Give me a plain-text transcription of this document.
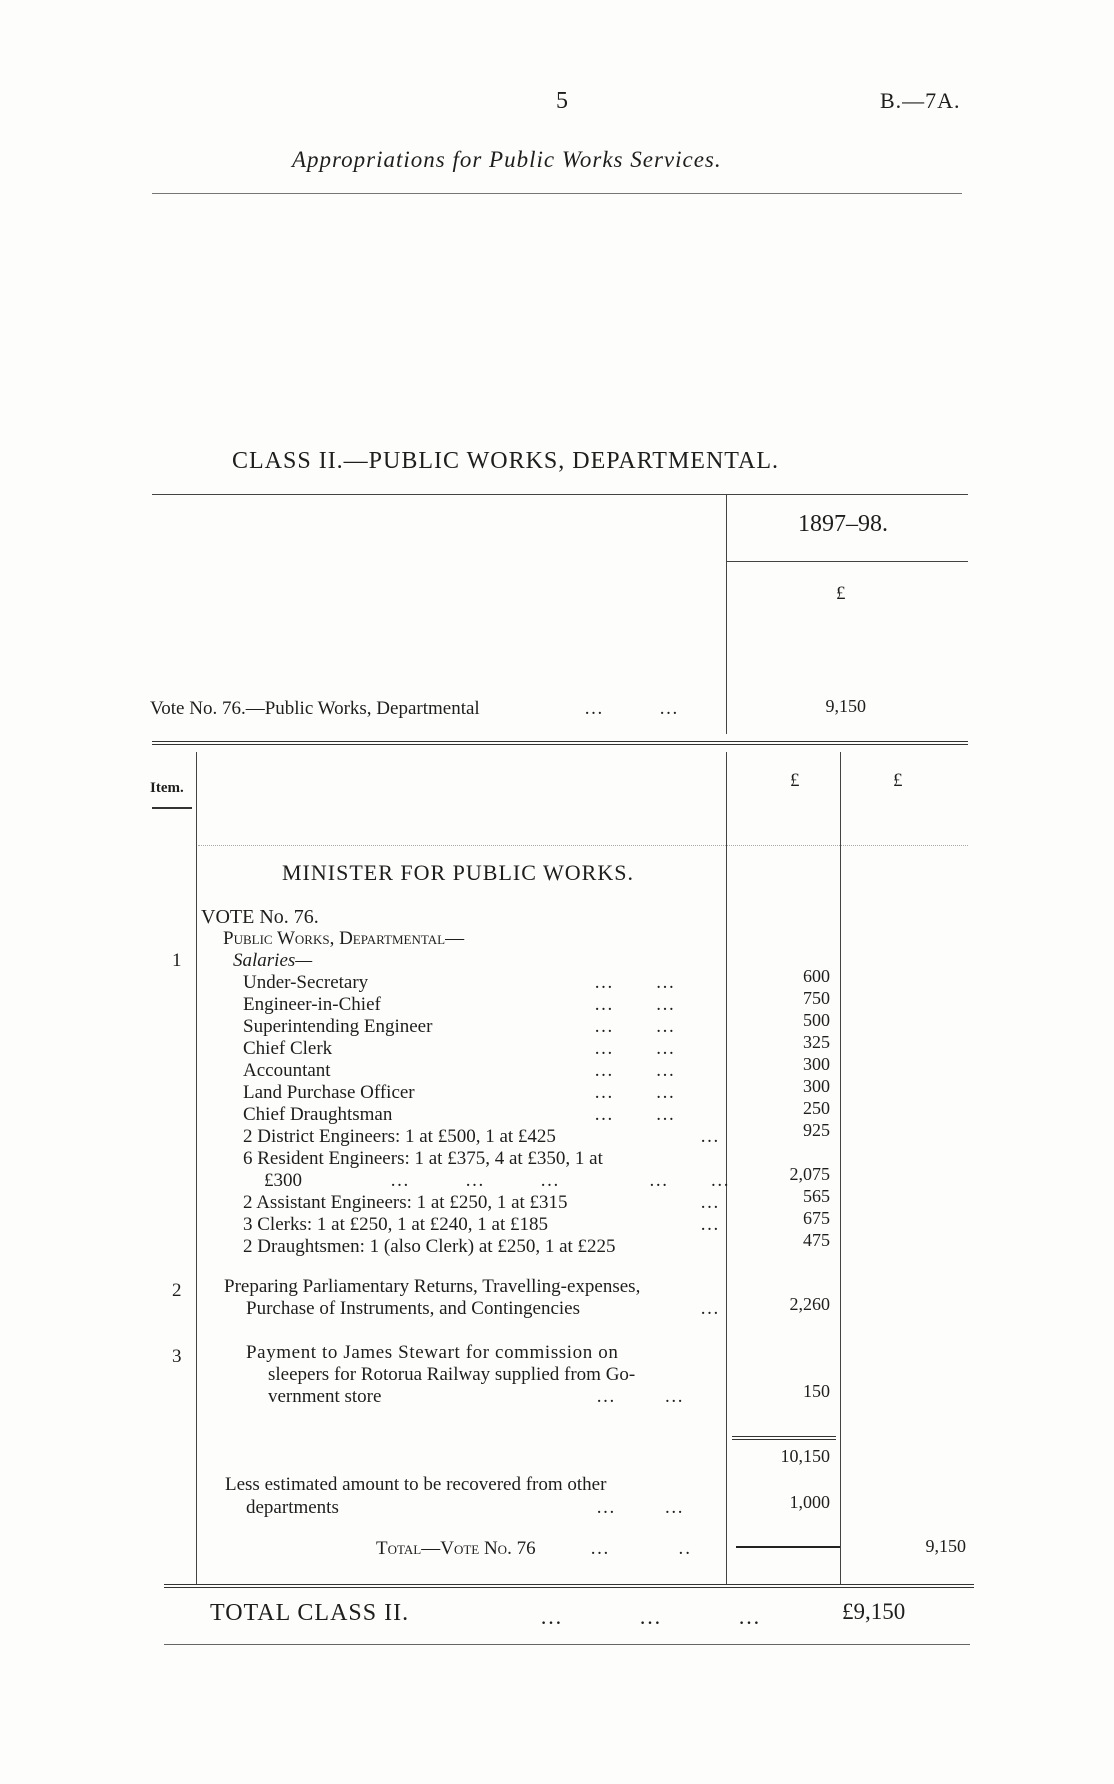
5	B.—7A.
Appropriations for Public Works Services.
CLASS II.—PUBLIC WORKS, DEPARTMENTAL.
1897–98.
£
Vote No. 76.—Public Works, Departmental	…        …	9,150
Item.	£	£
MINISTER FOR PUBLIC WORKS.
VOTE No. 76.
Public Works, Departmental—
1	Salaries—
Under-Secretary	…      …	600
Engineer-in-Chief	…      …	750
Superintending Engineer	…      …	500
Chief Clerk	…      …	325
Accountant	…      …	300
Land Purchase Officer	…      …	300
Chief Draughtsman	…      …	250
2 District Engineers: 1 at £500, 1 at £425	…	925
6 Resident Engineers: 1 at £375, 4 at £350, 1 at
£300	…        …        …             …      …	2,075
2 Assistant Engineers: 1 at £250, 1 at £315	…	565
3 Clerks: 1 at £250, 1 at £240, 1 at £185	…	675
2 Draughtsmen: 1 (also Clerk) at £250, 1 at £225	475
2 Preparing Parliamentary Returns, Travelling-expenses,
Purchase of Instruments, and Contingencies	…	2,260
3	Payment to James Stewart for commission on
sleepers for Rotorua Railway supplied from Go-
vernment store	…       …	150
10,150
Less estimated amount to be recovered from other
departments	…       …	1,000
Total—Vote No. 76	…          ..	9,150
TOTAL CLASS II.	…          …          …	£9,150
